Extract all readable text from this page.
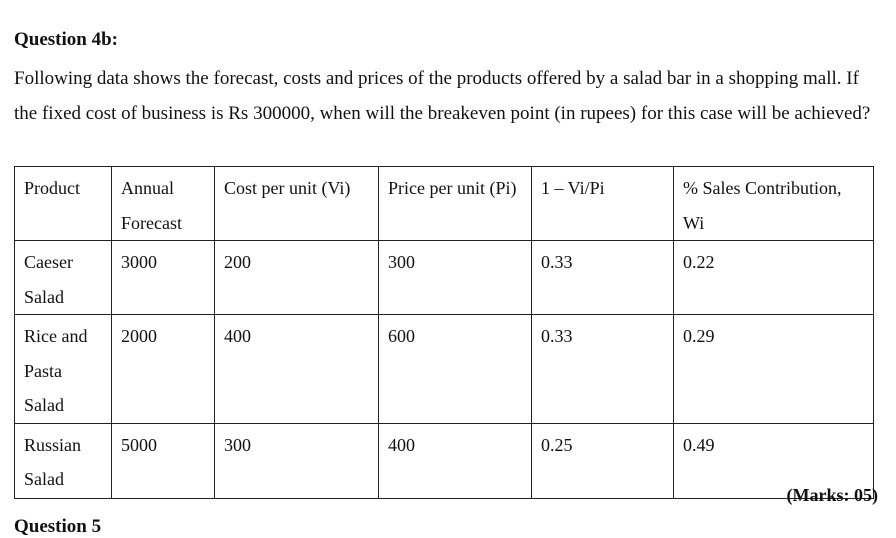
Question 4b:
Following data shows the forecast, costs and prices of the products offered by a salad bar in a shopping mall. If the fixed cost of business is Rs 300000, when will the breakeven point (in rupees) for this case will be achieved?
Product	Annual Forecast	Cost per unit (Vi)	Price per unit (Pi)	1 – Vi/Pi	% Sales Contribution, Wi
Caeser Salad	3000	200	300	0.33	0.22
Rice and Pasta Salad	2000	400	600	0.33	0.29
Russian Salad	5000	300	400	0.25	0.49
(Marks: 05)
Question 5
